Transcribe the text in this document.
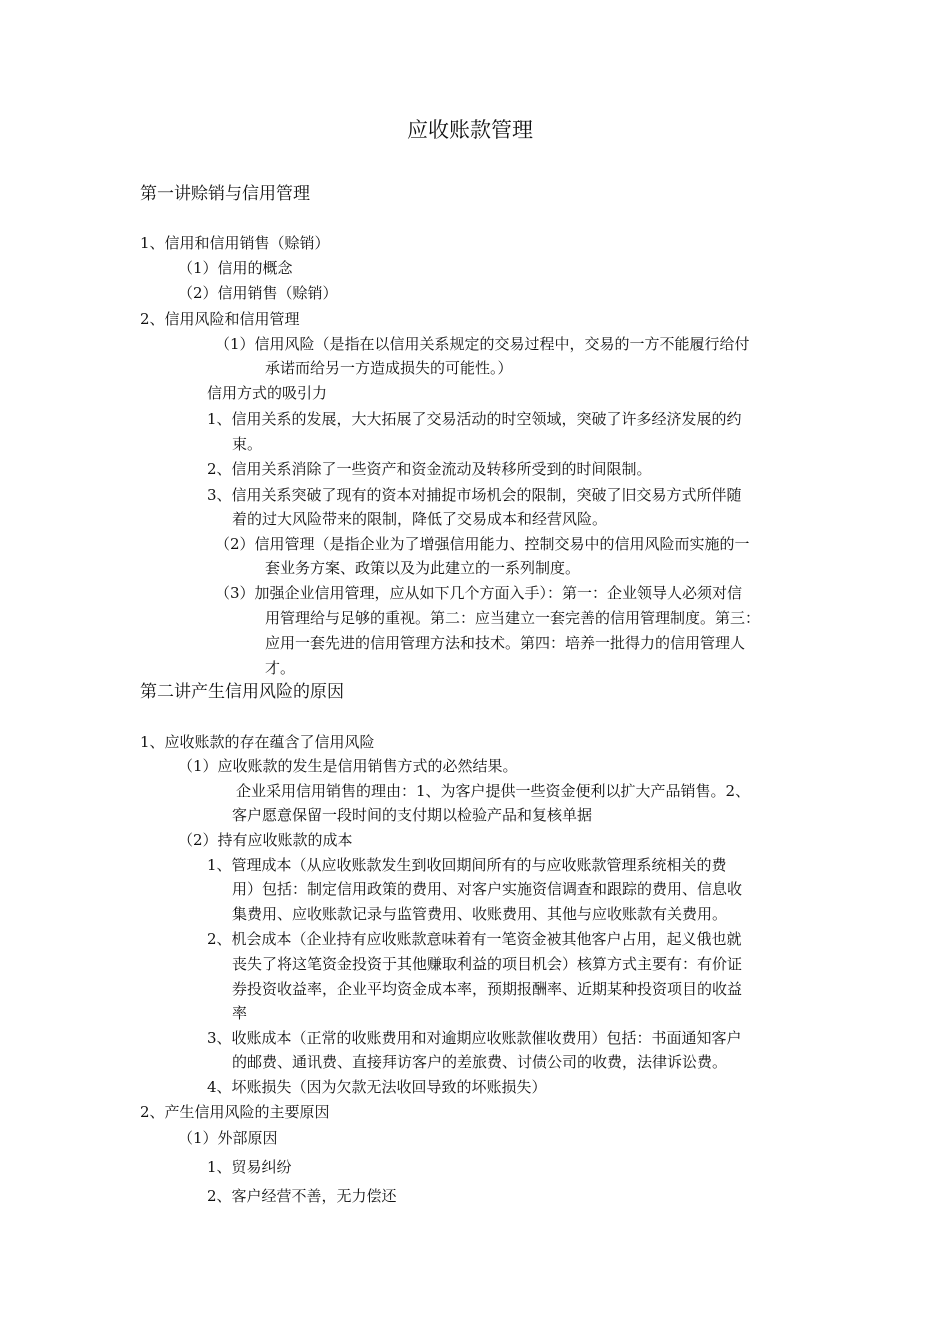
应收账款管理
第一讲赊销与信用管理
1、信用和信用销售（赊销）
（1）信用的概念
（2）信用销售（赊销）
2、信用风险和信用管理
（1）信用风险（是指在以信用关系规定的交易过程中，交易的一方不能履行给付
承诺而给另一方造成损失的可能性。）
信用方式的吸引力
1、信用关系的发展，大大拓展了交易活动的时空领域，突破了许多经济发展的约
束。
2、信用关系消除了一些资产和资金流动及转移所受到的时间限制。
3、信用关系突破了现有的资本对捕捉市场机会的限制，突破了旧交易方式所伴随
着的过大风险带来的限制，降低了交易成本和经营风险。
（2）信用管理（是指企业为了增强信用能力、控制交易中的信用风险而实施的一
套业务方案、政策以及为此建立的一系列制度。
（3）加强企业信用管理，应从如下几个方面入手）：第一：企业领导人必须对信
用管理给与足够的重视。第二：应当建立一套完善的信用管理制度。第三：
应用一套先进的信用管理方法和技术。第四：培养一批得力的信用管理人
才。
第二讲产生信用风险的原因
1、应收账款的存在蕴含了信用风险
（1）应收账款的发生是信用销售方式的必然结果。
企业采用信用销售的理由：1、为客户提供一些资金便利以扩大产品销售。2、
客户愿意保留一段时间的支付期以检验产品和复核单据
（2）持有应收账款的成本
1、管理成本（从应收账款发生到收回期间所有的与应收账款管理系统相关的费
用）包括：制定信用政策的费用、对客户实施资信调查和跟踪的费用、信息收
集费用、应收账款记录与监管费用、收账费用、其他与应收账款有关费用。
2、机会成本（企业持有应收账款意味着有一笔资金被其他客户占用，起义俄也就
丧失了将这笔资金投资于其他赚取利益的项目机会）核算方式主要有：有价证
券投资收益率，企业平均资金成本率，预期报酬率、近期某种投资项目的收益
率
3、收账成本（正常的收账费用和对逾期应收账款催收费用）包括：书面通知客户
的邮费、通讯费、直接拜访客户的差旅费、讨债公司的收费，法律诉讼费。
4、坏账损失（因为欠款无法收回导致的坏账损失）
2、产生信用风险的主要原因
（1）外部原因
1、贸易纠纷
2、客户经营不善，无力偿还
